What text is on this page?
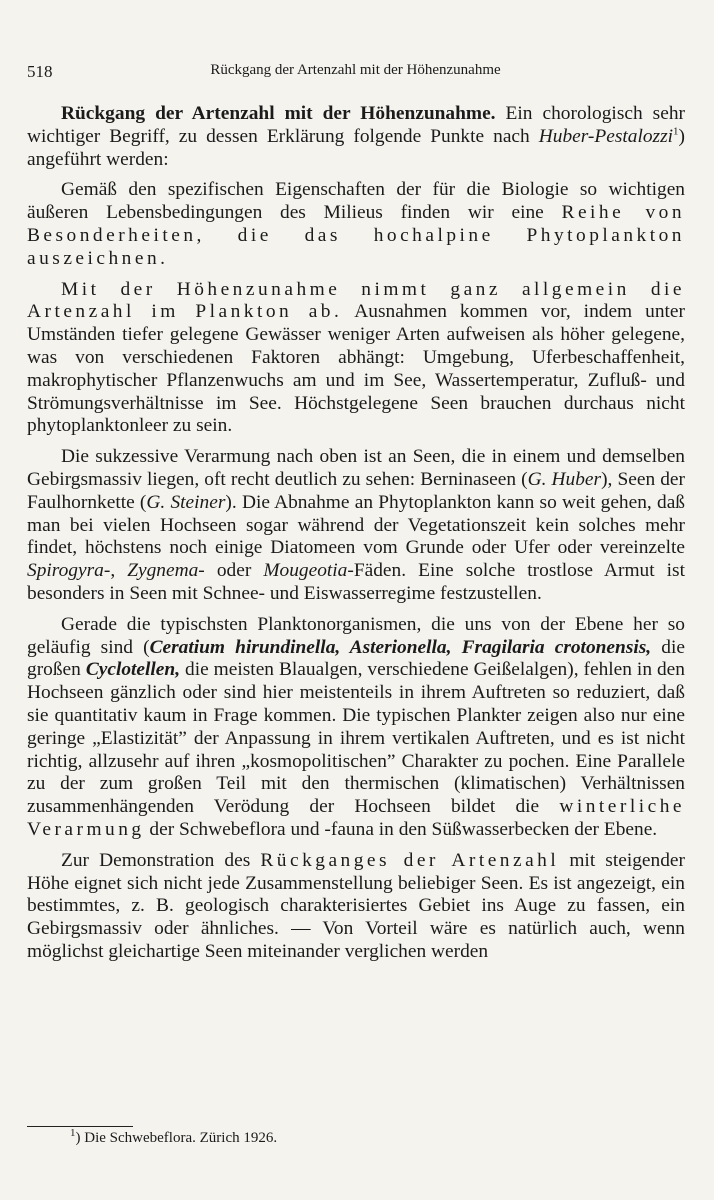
518	Rückgang der Artenzahl mit der Höhenzunahme

Rückgang der Artenzahl mit der Höhenzunahme. Ein chorologisch sehr wichtiger Begriff, zu dessen Erklärung folgende Punkte nach Huber-Pestalozzi$^1$) angeführt werden:

Gemäß den spezifischen Eigenschaften der für die Biologie so wichtigen äußeren Lebensbedingungen des Milieus finden wir eine Reihe von Besonderheiten, die das hochalpine Phytoplankton auszeichnen.

Mit der Höhenzunahme nimmt ganz allgemein die Artenzahl im Plankton ab. Ausnahmen kommen vor, indem unter Umständen tiefer gelegene Gewässer weniger Arten aufweisen als höher gelegene, was von verschiedenen Faktoren abhängt: Umgebung, Uferbeschaffenheit, makrophytischer Pflanzenwuchs am und im See, Wassertemperatur, Zufluß- und Strömungsverhältnisse im See. Höchstgelegene Seen brauchen durchaus nicht phytoplanktonleer zu sein.

Die sukzessive Verarmung nach oben ist an Seen, die in einem und demselben Gebirgsmassiv liegen, oft recht deutlich zu sehen: Berninaseen (G. Huber), Seen der Faulhornkette (G. Steiner). Die Abnahme an Phytoplankton kann so weit gehen, daß man bei vielen Hochseen sogar während der Vegetationszeit kein solches mehr findet, höchstens noch einige Diatomeen vom Grunde oder Ufer oder vereinzelte Spirogyra-, Zygnema- oder Mougeotia-Fäden. Eine solche trostlose Armut ist besonders in Seen mit Schnee- und Eiswasserregime festzustellen.

Gerade die typischsten Planktonorganismen, die uns von der Ebene her so geläufig sind (Ceratium hirundinella, Asterionella, Fragilaria crotonensis, die großen Cyclotellen, die meisten Blaualgen, verschiedene Geißelalgen), fehlen in den Hochseen gänzlich oder sind hier meistenteils in ihrem Auftreten so reduziert, daß sie quantitativ kaum in Frage kommen. Die typischen Plankter zeigen also nur eine geringe „Elastizität” der Anpassung in ihrem vertikalen Auftreten, und es ist nicht richtig, allzusehr auf ihren „kosmopolitischen” Charakter zu pochen. Eine Parallele zu der zum großen Teil mit den thermischen (klimatischen) Verhältnissen zusammenhängenden Verödung der Hochseen bildet die winterliche Verarmung der Schwebeflora und -fauna in den Süßwasserbecken der Ebene.

Zur Demonstration des Rückganges der Artenzahl mit steigender Höhe eignet sich nicht jede Zusammenstellung beliebiger Seen. Es ist angezeigt, ein bestimmtes, z. B. geologisch charakterisiertes Gebiet ins Auge zu fassen, ein Gebirgsmassiv oder ähnliches. — Von Vorteil wäre es natürlich auch, wenn möglichst gleichartige Seen miteinander verglichen werden

$^1$) Die Schwebeflora. Zürich 1926.
